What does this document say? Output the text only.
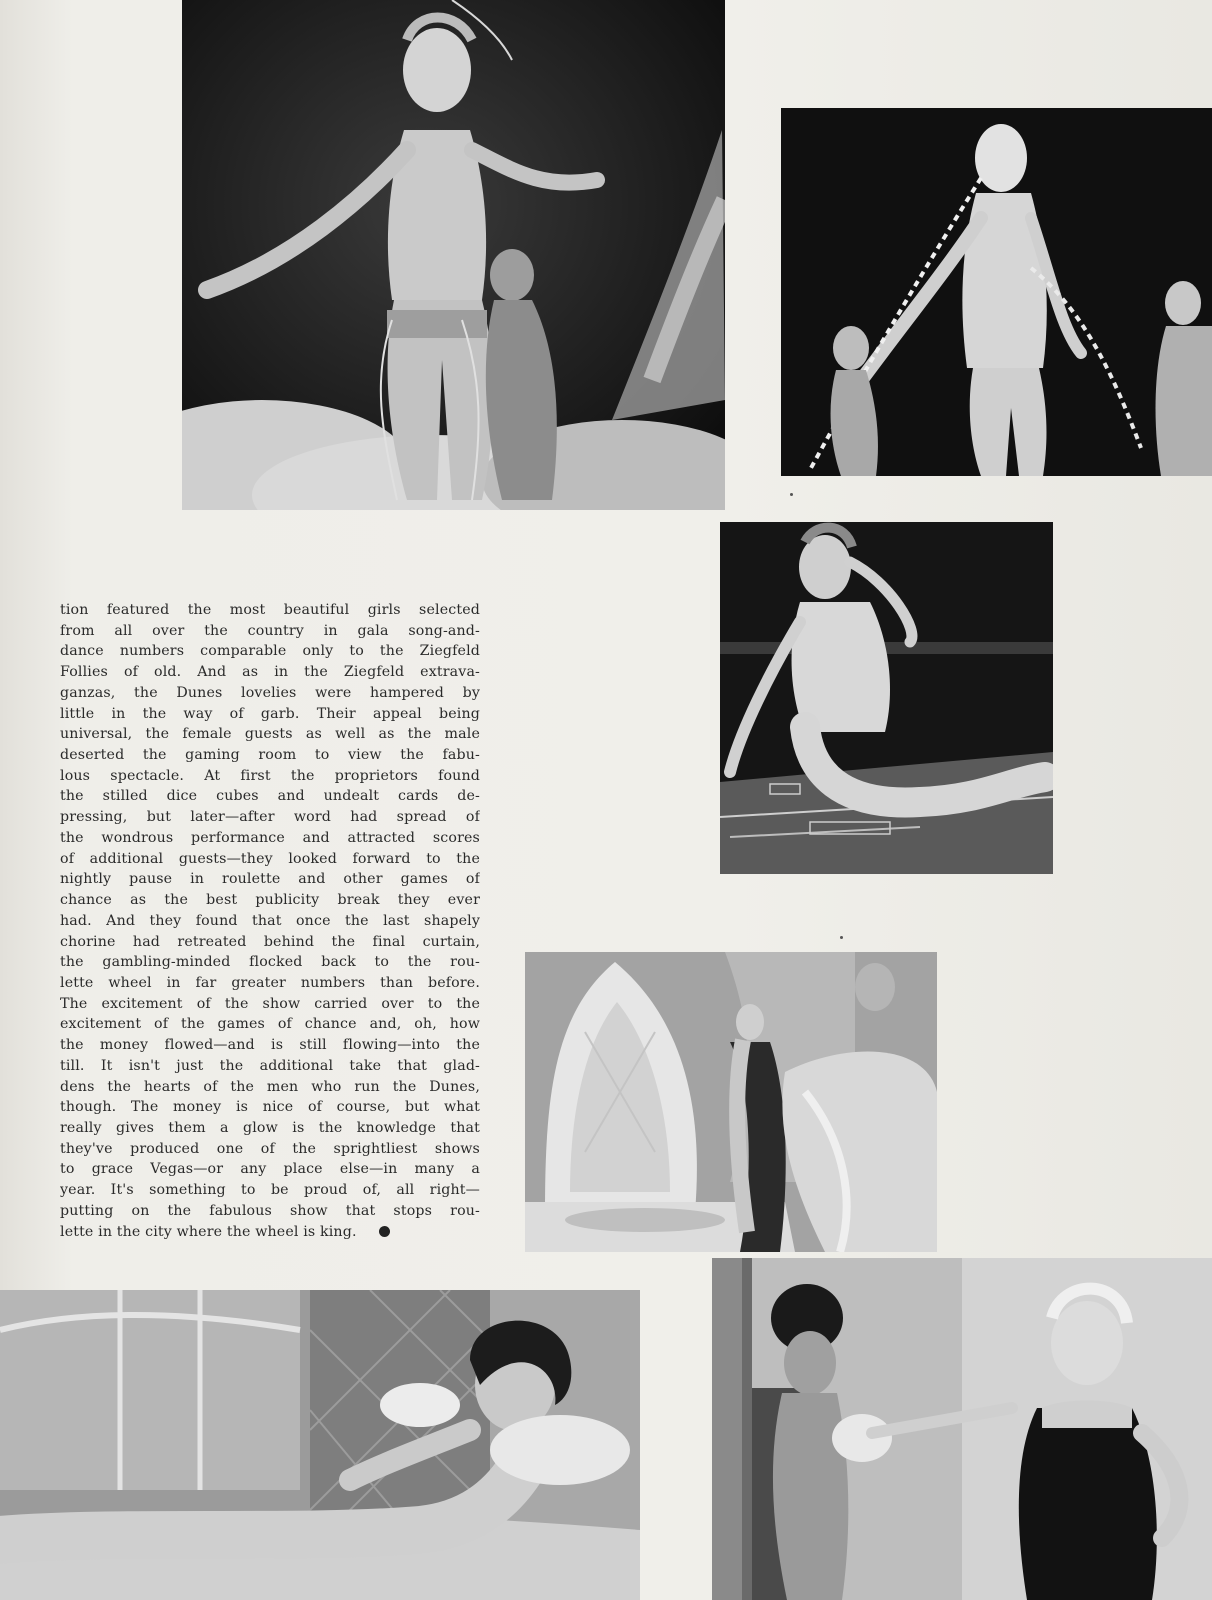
tion featured the most beautiful girls selected
from all over the country in gala song-and-
dance numbers comparable only to the Ziegfeld
Follies of old. And as in the Ziegfeld extrava-
ganzas, the Dunes lovelies were hampered by
little in the way of garb. Their appeal being
universal, the female guests as well as the male
deserted the gaming room to view the fabu-
lous spectacle. At first the proprietors found
the stilled dice cubes and undealt cards de-
pressing, but later—after word had spread of
the wondrous performance and attracted scores
of additional guests—they looked forward to the
nightly pause in roulette and other games of
chance as the best publicity break they ever
had. And they found that once the last shapely
chorine had retreated behind the final curtain,
the gambling-minded flocked back to the rou-
lette wheel in far greater numbers than before.
The excitement of the show carried over to the
excitement of the games of chance and, oh, how
the money flowed—and is still flowing—into the
till. It isn't just the additional take that glad-
dens the hearts of the men who run the Dunes,
though. The money is nice of course, but what
really gives them a glow is the knowledge that
they've produced one of the sprightliest shows
to grace Vegas—or any place else—in many a
year. It's something to be proud of, all right—
putting on the fabulous show that stops rou-
lette in the city where the wheel is king.
